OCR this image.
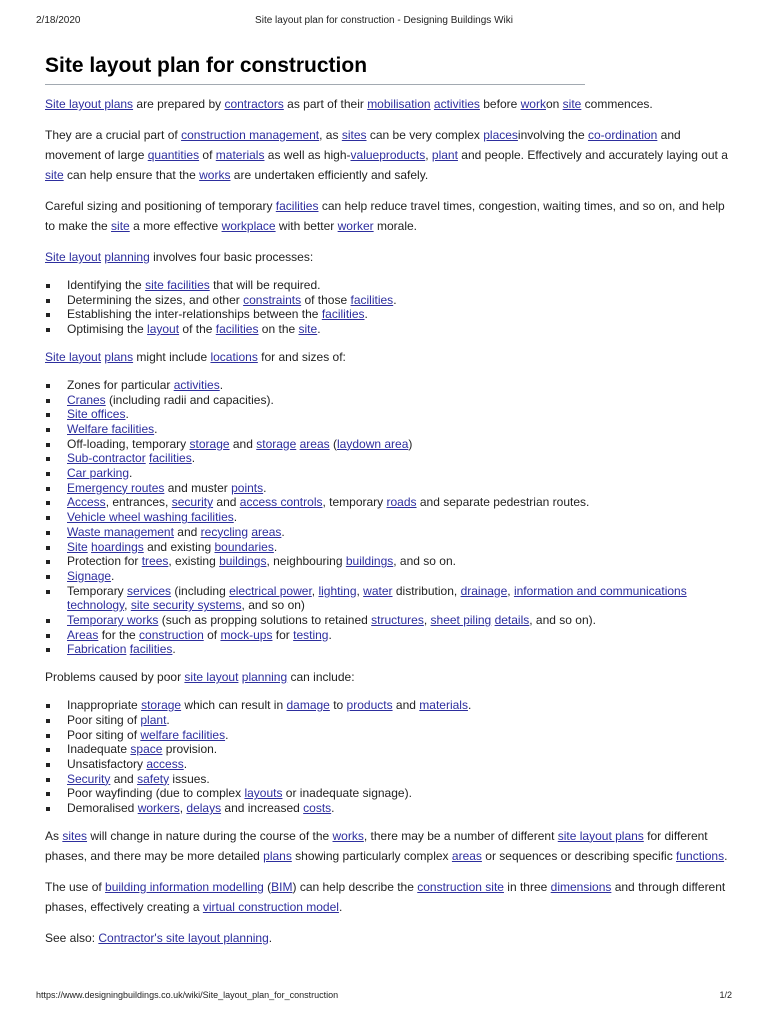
2/18/2020	Site layout plan for construction - Designing Buildings Wiki
Site layout plan for construction

Site layout plans are prepared by contractors as part of their mobilisation activities before workon site commences.

They are a crucial part of construction management, as sites can be very complex placesinvolving the co-ordination and movement of large quantities of materials as well as high-valueproducts, plant and people. Effectively and accurately laying out a site can help ensure that the works are undertaken efficiently and safely.

Careful sizing and positioning of temporary facilities can help reduce travel times, congestion, waiting times, and so on, and help to make the site a more effective workplace with better worker morale.

Site layout planning involves four basic processes:

Identifying the site facilities that will be required.
Determining the sizes, and other constraints of those facilities.
Establishing the inter-relationships between the facilities.
Optimising the layout of the facilities on the site.

Site layout plans might include locations for and sizes of:

Zones for particular activities.
Cranes (including radii and capacities).
Site offices.
Welfare facilities.
Off-loading, temporary storage and storage areas (laydown area)
Sub-contractor facilities.
Car parking.
Emergency routes and muster points.
Access, entrances, security and access controls, temporary roads and separate pedestrian routes.
Vehicle wheel washing facilities.
Waste management and recycling areas.
Site hoardings and existing boundaries.
Protection for trees, existing buildings, neighbouring buildings, and so on.
Signage.
Temporary services (including electrical power, lighting, water distribution, drainage, information and communications technology, site security systems, and so on)
Temporary works (such as propping solutions to retained structures, sheet piling details, and so on).
Areas for the construction of mock-ups for testing.
Fabrication facilities.

Problems caused by poor site layout planning can include:

Inappropriate storage which can result in damage to products and materials.
Poor siting of plant.
Poor siting of welfare facilities.
Inadequate space provision.
Unsatisfactory access.
Security and safety issues.
Poor wayfinding (due to complex layouts or inadequate signage).
Demoralised workers, delays and increased costs.

As sites will change in nature during the course of the works, there may be a number of different site layout plans for different phases, and there may be more detailed plans showing particularly complex areas or sequences or describing specific functions.

The use of building information modelling (BIM) can help describe the construction site in three dimensions and through different phases, effectively creating a virtual construction model.

See also: Contractor's site layout planning.

https://www.designingbuildings.co.uk/wiki/Site_layout_plan_for_construction	1/2
